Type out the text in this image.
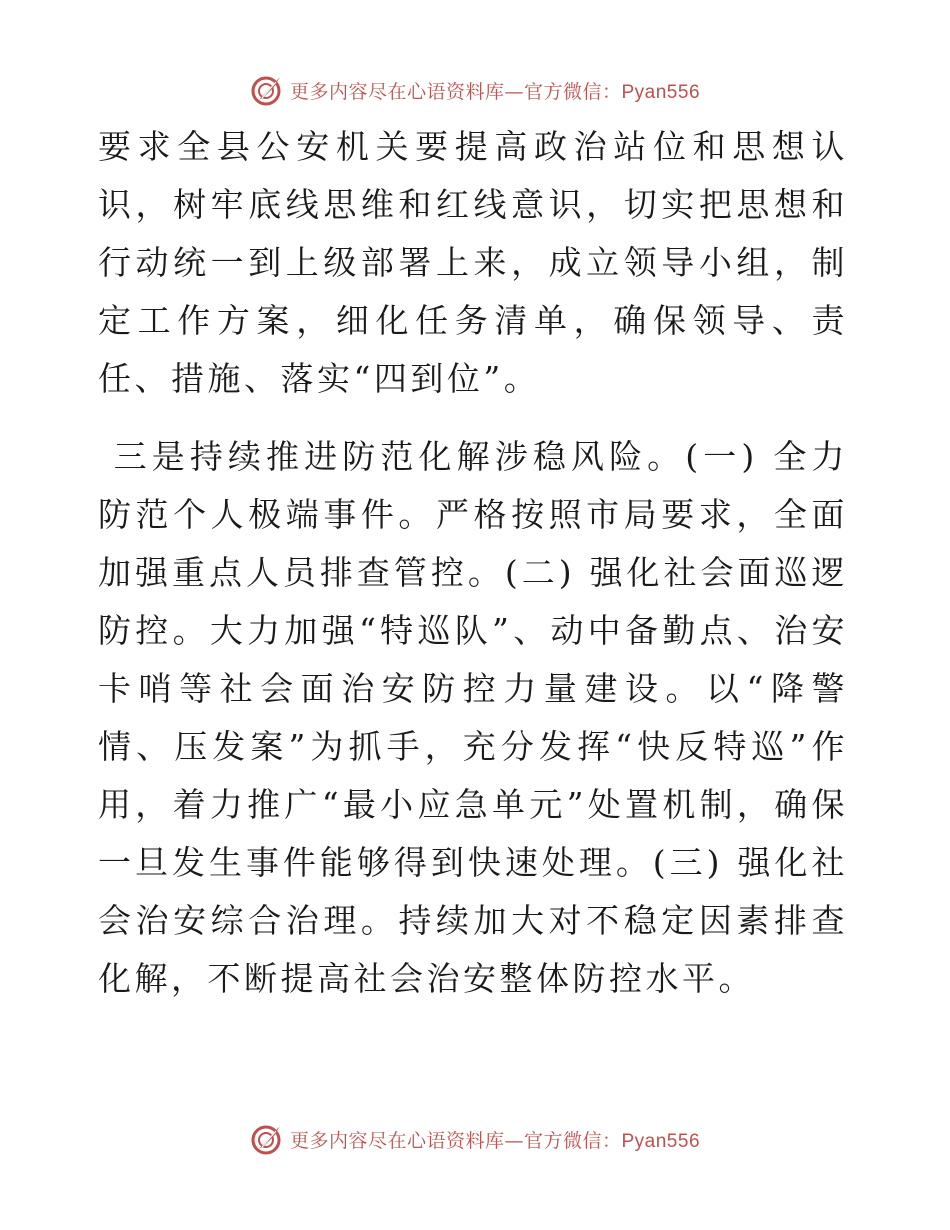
更多内容尽在心语资料库—官方微信：Pyan556

要求全县公安机关要提高政治站位和思想认识，树牢底线思维和红线意识，切实把思想和行动统一到上级部署上来，成立领导小组，制定工作方案，细化任务清单，确保领导、责任、措施、落实“四到位”。

三是持续推进防范化解涉稳风险。(一) 全力防范个人极端事件。严格按照市局要求，全面加强重点人员排查管控。(二) 强化社会面巡逻防控。大力加强“特巡队”、动中备勤点、治安卡哨等社会面治安防控力量建设。以“降警情、压发案”为抓手，充分发挥“快反特巡”作用，着力推广“最小应急单元”处置机制，确保一旦发生事件能够得到快速处理。(三) 强化社会治安综合治理。持续加大对不稳定因素排查化解，不断提高社会治安整体防控水平。

更多内容尽在心语资料库—官方微信：Pyan556
